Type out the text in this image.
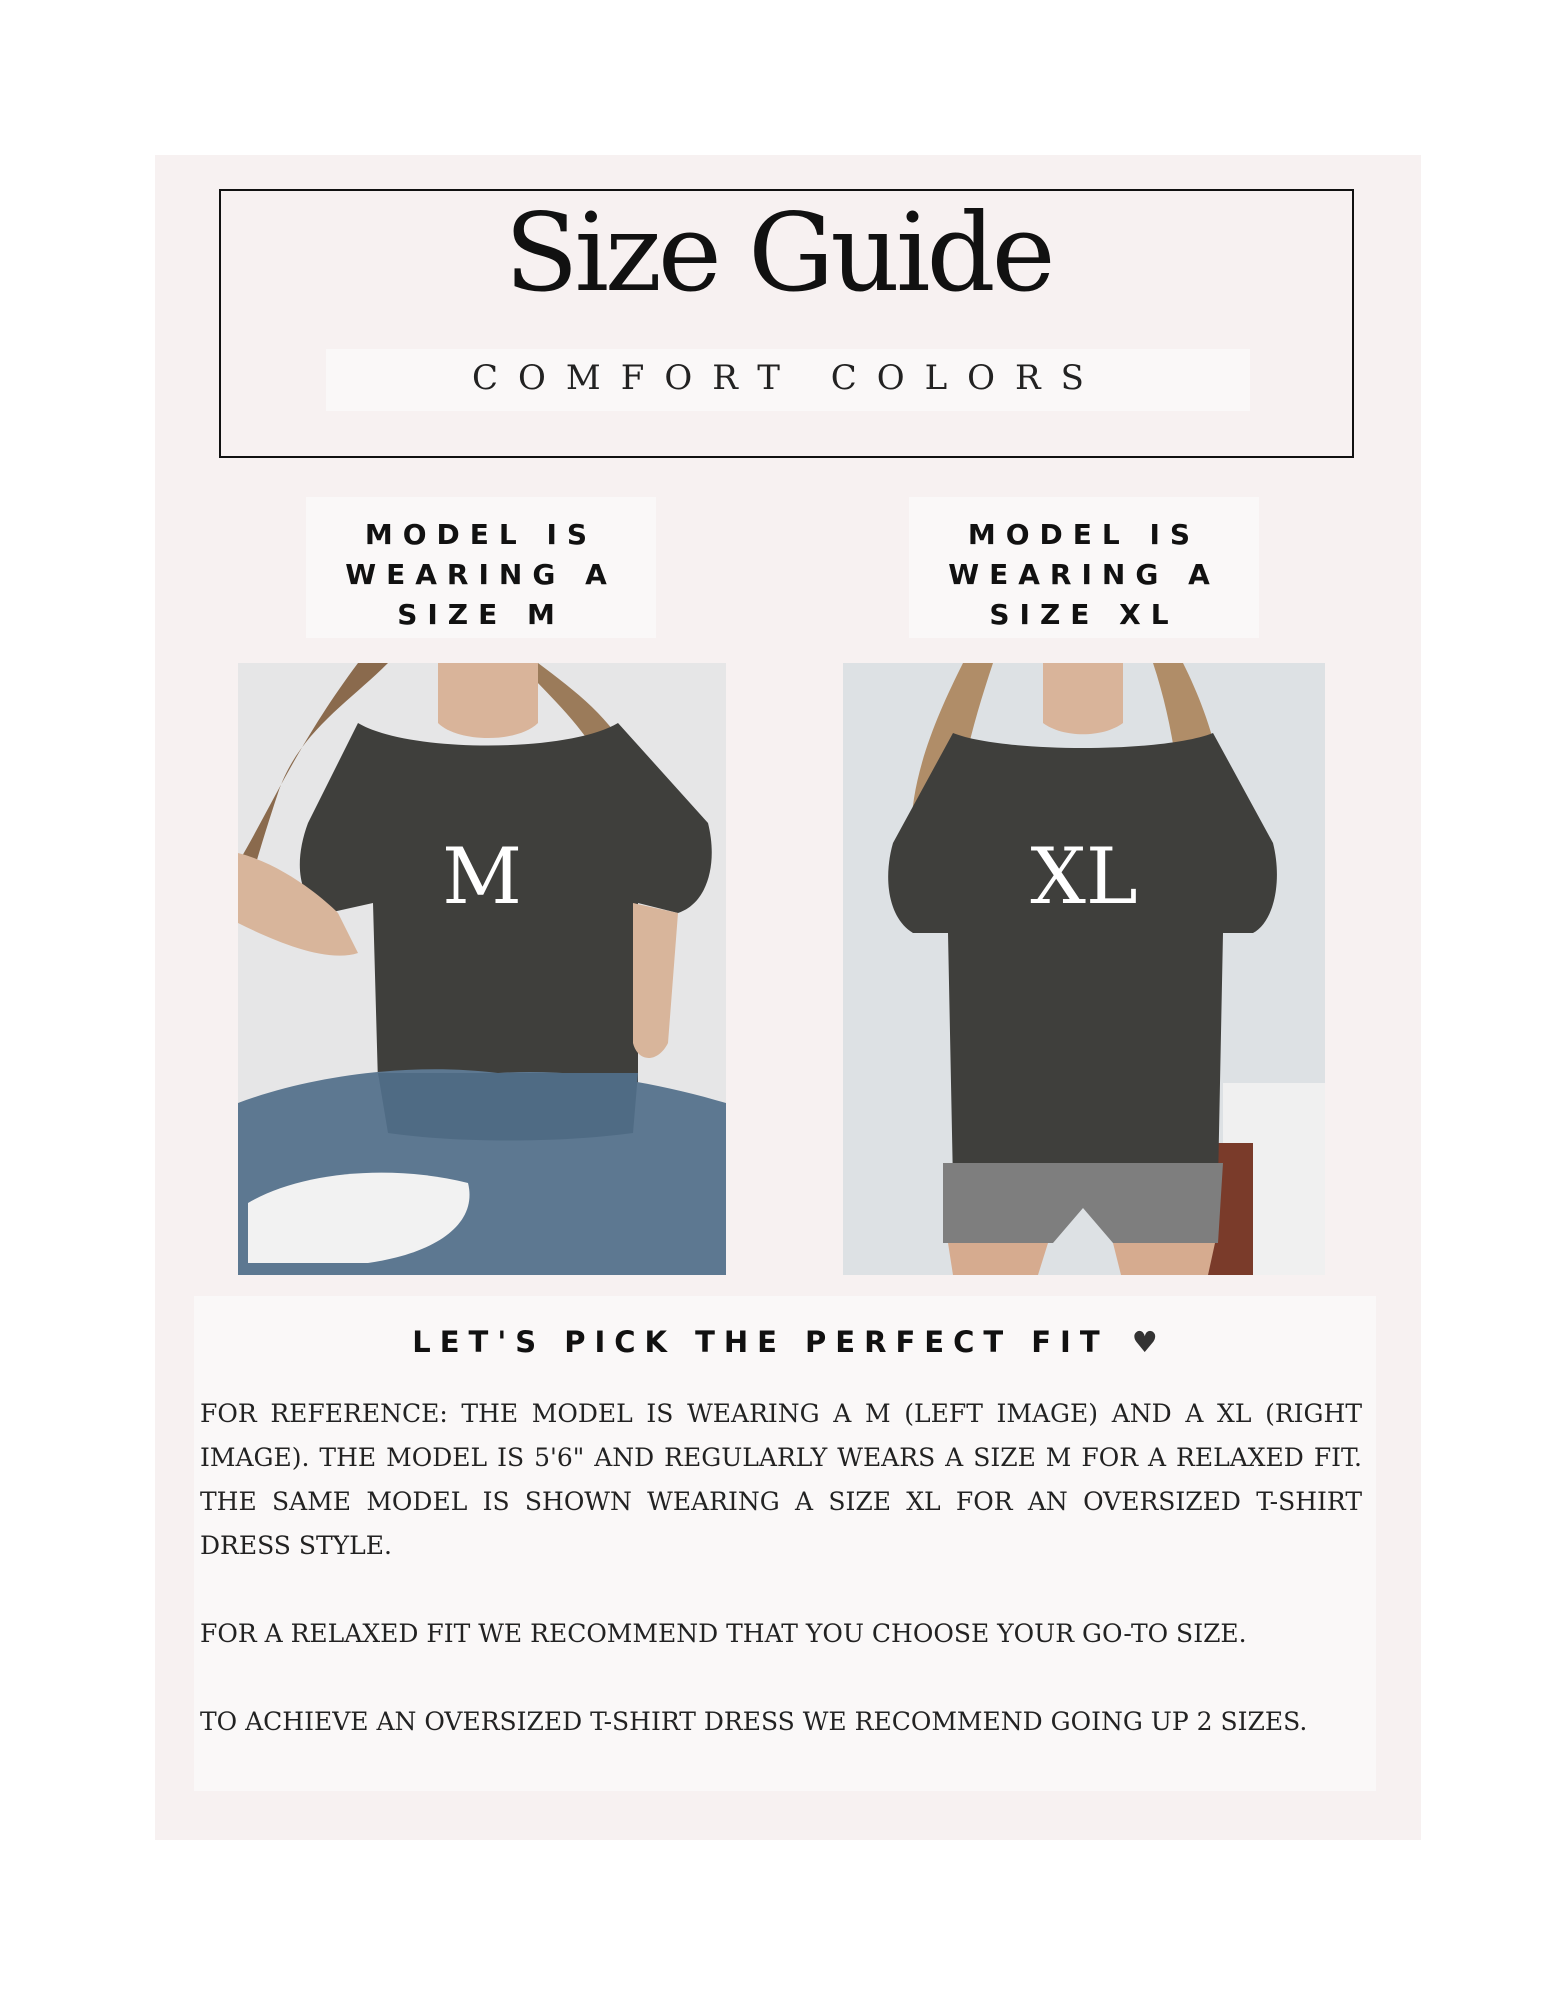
Size Guide
COMFORT COLORS
MODEL IS
WEARING A
SIZE M
MODEL IS
WEARING A
SIZE XL
M	XL
LET'S PICK THE PERFECT FIT ♥

FOR REFERENCE: THE MODEL IS WEARING A M (LEFT IMAGE) AND A XL (RIGHT IMAGE). THE MODEL IS 5'6" AND REGULARLY WEARS A SIZE M FOR A RELAXED FIT. THE SAME MODEL IS SHOWN WEARING A SIZE XL FOR AN OVERSIZED T-SHIRT DRESS STYLE.

FOR A RELAXED FIT WE RECOMMEND THAT YOU CHOOSE YOUR GO-TO SIZE.

TO ACHIEVE AN OVERSIZED T-SHIRT DRESS WE RECOMMEND GOING UP 2 SIZES.
